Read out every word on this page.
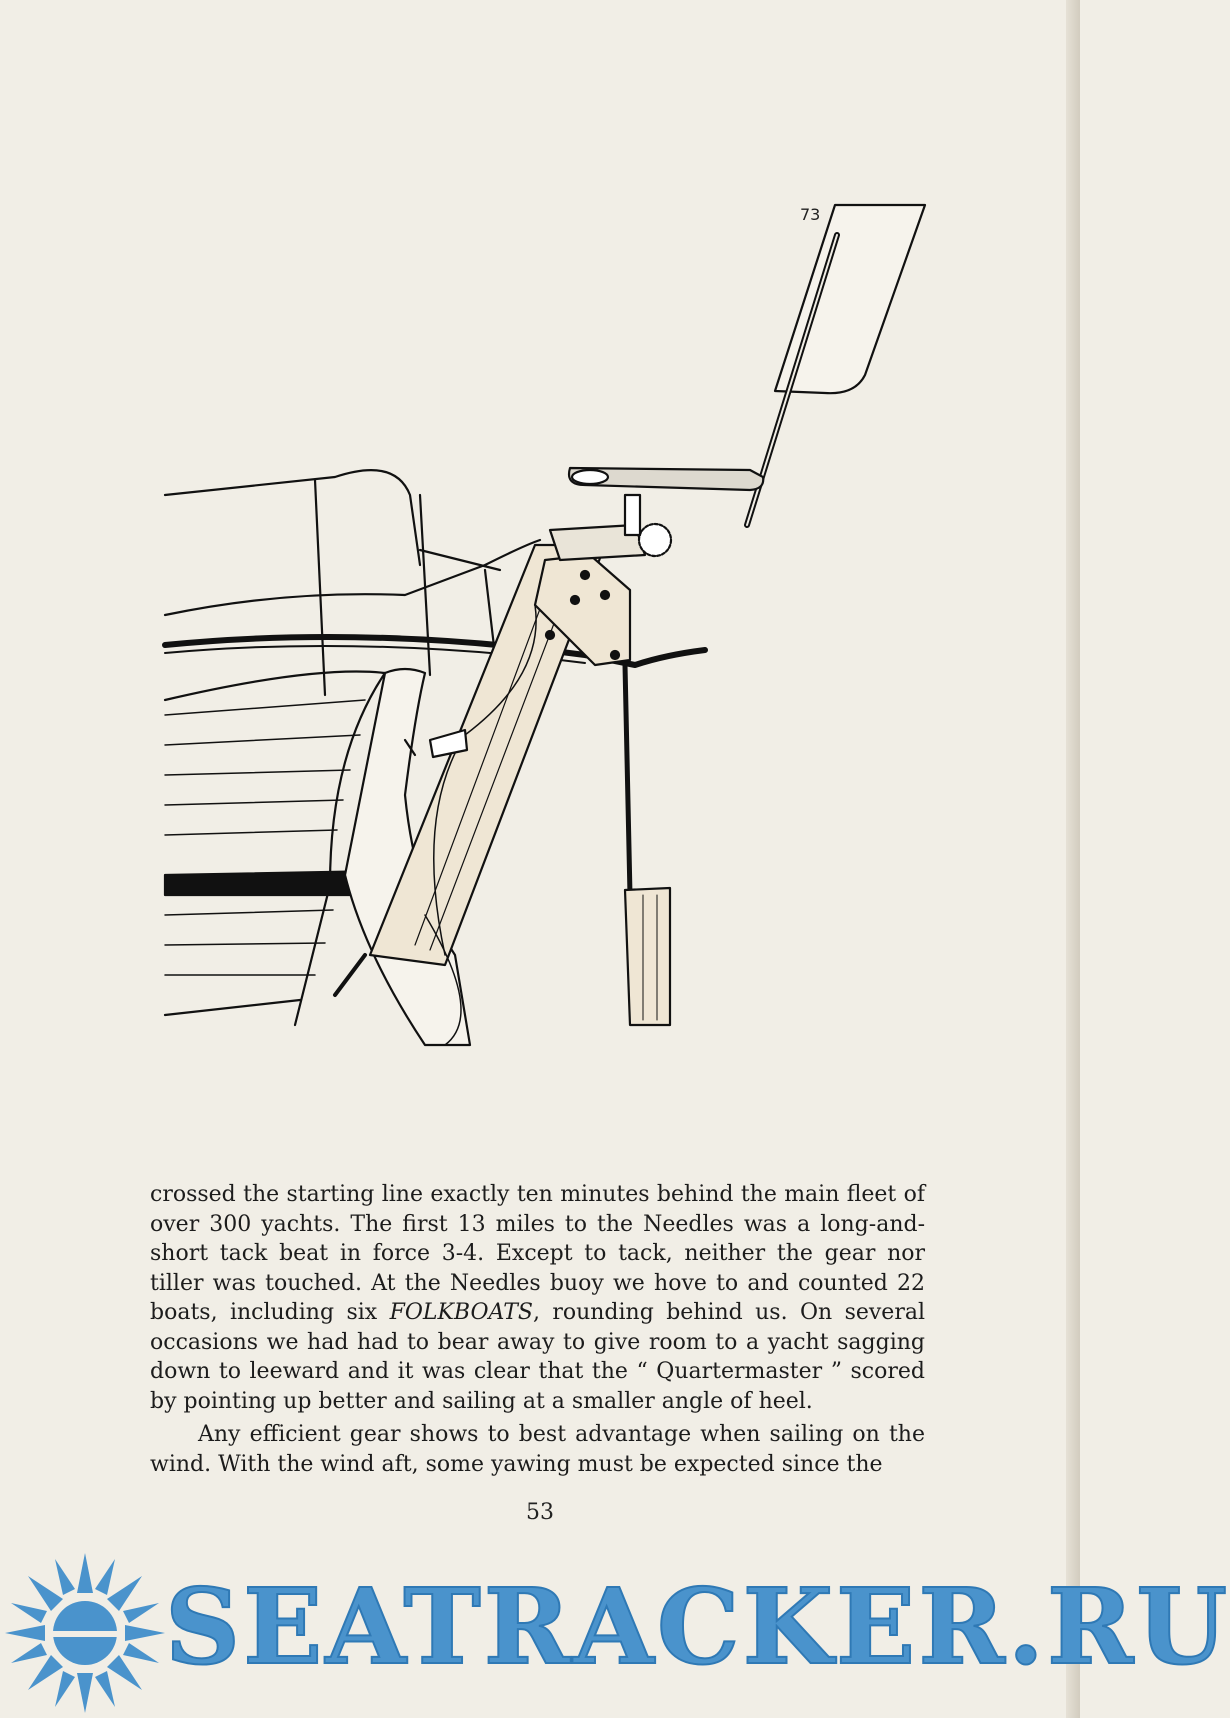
73

crossed the starting line exactly ten minutes behind the main fleet of over 300 yachts. The first 13 miles to the Needles was a long-and-short tack beat in force 3-4. Except to tack, neither the gear nor tiller was touched. At the Needles buoy we hove to and counted 22 boats, including six FOLKBOATS, rounding behind us. On several occasions we had had to bear away to give room to a yacht sagging down to leeward and it was clear that the “ Quartermaster ” scored by pointing up better and sailing at a smaller angle of heel.

Any efficient gear shows to best advantage when sailing on the wind. With the wind aft, some yawing must be expected since the

53
SEATRACKER.RU
